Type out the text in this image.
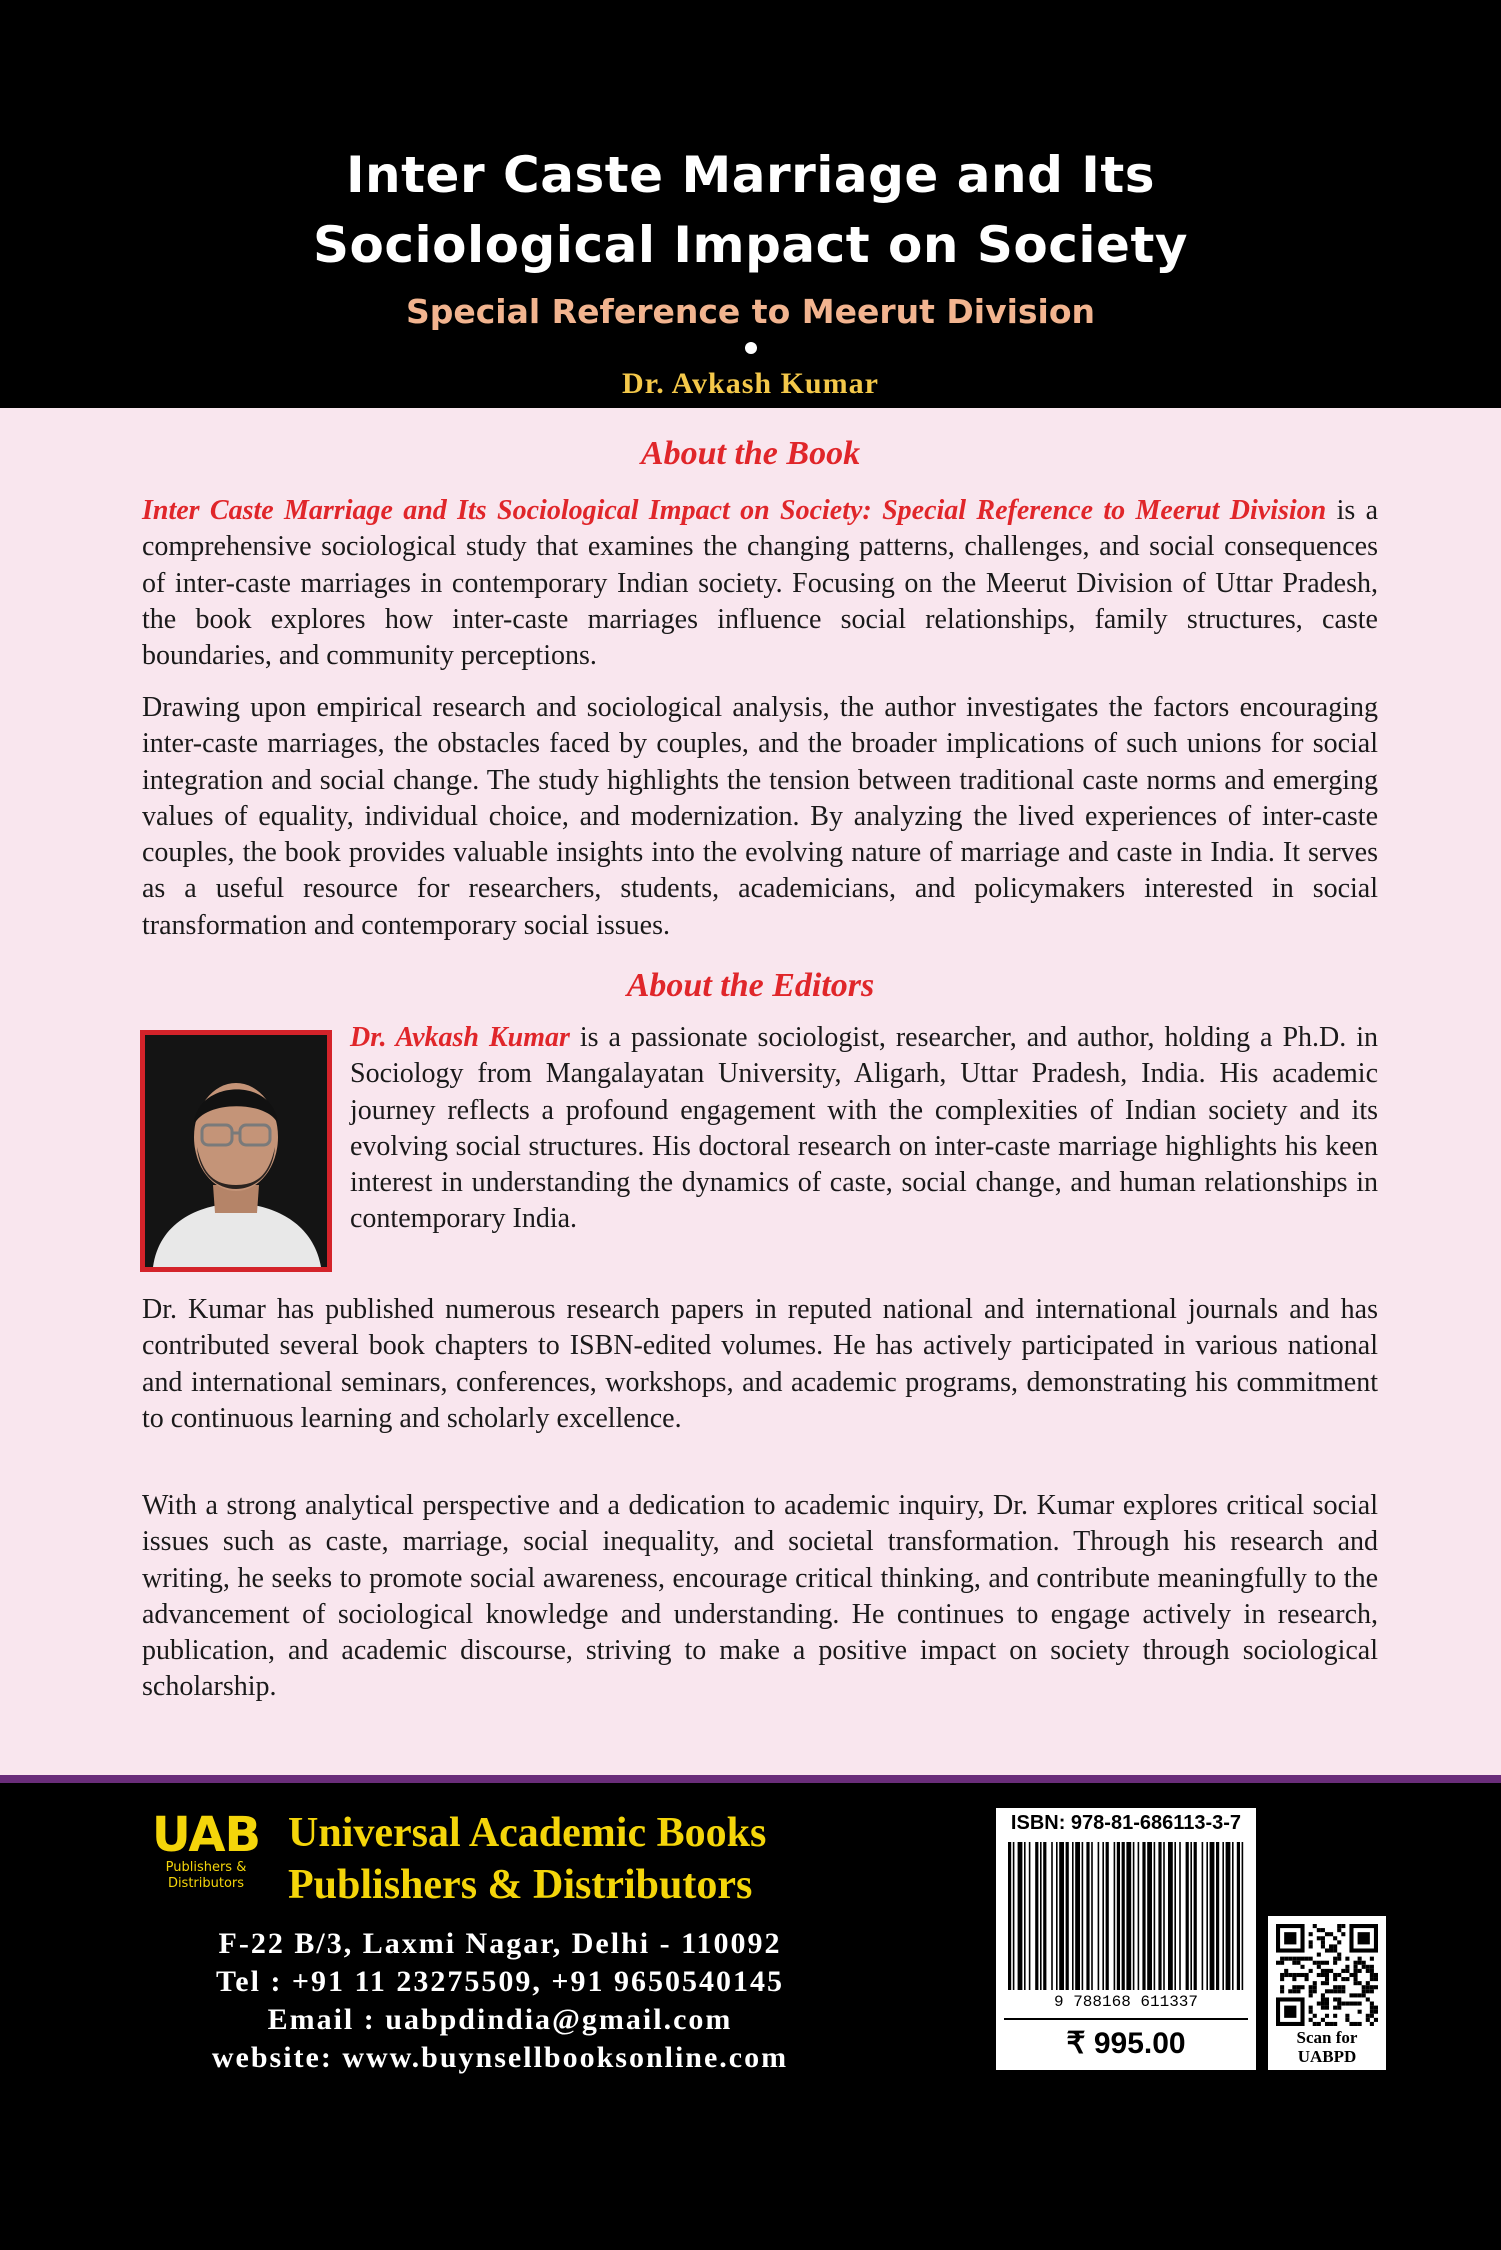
Inter Caste Marriage and Its
Sociological Impact on Society
Special Reference to Meerut Division
Dr. Avkash Kumar
About the Book

Inter Caste Marriage and Its Sociological Impact on Society: Special Reference to Meerut Division is a comprehensive sociological study that examines the changing patterns, challenges, and social consequences of inter-caste marriages in contemporary Indian society. Focusing on the Meerut Division of Uttar Pradesh, the book explores how inter-caste marriages influence social relationships, family structures, caste boundaries, and community perceptions.

Drawing upon empirical research and sociological analysis, the author investigates the factors encouraging inter-caste marriages, the obstacles faced by couples, and the broader implications of such unions for social integration and social change. The study highlights the tension between traditional caste norms and emerging values of equality, individual choice, and modernization. By analyzing the lived experiences of inter-caste couples, the book provides valuable insights into the evolving nature of marriage and caste in India. It serves as a useful resource for researchers, students, academicians, and policymakers interested in social transformation and contemporary social issues.

About the Editors

Dr. Avkash Kumar is a passionate sociologist, researcher, and author, holding a Ph.D. in Sociology from Mangalayatan University, Aligarh, Uttar Pradesh, India. His academic journey reflects a profound engagement with the complexities of Indian society and its evolving social structures. His doctoral research on inter-caste marriage highlights his keen interest in understanding the dynamics of caste, social change, and human relationships in contemporary India.

Dr. Kumar has published numerous research papers in reputed national and international journals and has contributed several book chapters to ISBN-edited volumes. He has actively participated in various national and international seminars, conferences, workshops, and academic programs, demonstrating his commitment to continuous learning and scholarly excellence.

With a strong analytical perspective and a dedication to academic inquiry, Dr. Kumar explores critical social issues such as caste, marriage, social inequality, and societal transformation. Through his research and writing, he seeks to promote social awareness, encourage critical thinking, and contribute meaningfully to the advancement of sociological knowledge and understanding. He continues to engage actively in research, publication, and academic discourse, striving to make a positive impact on society through sociological scholarship.

UAB
Publishers &
Distributors
Universal Academic Books
Publishers & Distributors
F-22 B/3, Laxmi Nagar, Delhi - 110092
Tel : +91 11 23275509, +91 9650540145
Email : uabpdindia@gmail.com
website: www.buynsellbooksonline.com
ISBN: 978-81-686113-3-7
9 788168 611337
₹ 995.00	Scan for
UABPD
